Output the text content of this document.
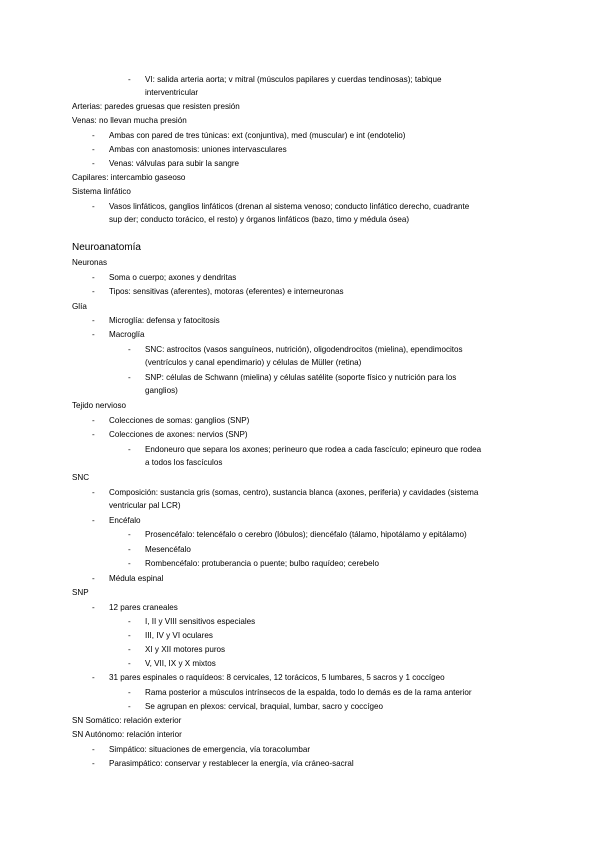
- VI: salida arteria aorta; v mitral (músculos papilares y cuerdas tendinosas); tabique
interventricular
Arterias: paredes gruesas que resisten presión
Venas: no llevan mucha presión
- Ambas con pared de tres túnicas: ext (conjuntiva), med (muscular) e int (endotelio)
- Ambas con anastomosis: uniones intervasculares
- Venas: válvulas para subir la sangre
Capilares: intercambio gaseoso
Sistema linfático
- Vasos linfáticos, ganglios linfáticos (drenan al sistema venoso; conducto linfático derecho, cuadrante
sup der; conducto torácico, el resto) y órganos linfáticos (bazo, timo y médula ósea)
Neuroanatomía
Neuronas
- Soma o cuerpo; axones y dendritas
- Tipos: sensitivas (aferentes), motoras (eferentes) e interneuronas
Glía
- Microglía: defensa y fatocitosis
- Macroglía
- SNC: astrocitos (vasos sanguíneos, nutrición), oligodendrocitos (mielina), ependimocitos
(ventrículos y canal ependimario) y células de Müller (retina)
- SNP: células de Schwann (mielina) y células satélite (soporte físico y nutrición para los
ganglios)
Tejido nervioso
- Colecciones de somas: ganglios (SNP)
- Colecciones de axones: nervios (SNP)
- Endoneuro que separa los axones; perineuro que rodea a cada fascículo; epineuro que rodea
a todos los fascículos
SNC
- Composición: sustancia gris (somas, centro), sustancia blanca (axones, periferia) y cavidades (sistema
ventricular pal LCR)
- Encéfalo
- Prosencéfalo: telencéfalo o cerebro (lóbulos); diencéfalo (tálamo, hipotálamo y epitálamo)
- Mesencéfalo
- Rombencéfalo: protuberancia o puente; bulbo raquídeo; cerebelo
- Médula espinal
SNP
- 12 pares craneales
- I, II y VIII sensitivos especiales
- III, IV y VI oculares
- XI y XII motores puros
- V, VII, IX y X mixtos
- 31 pares espinales o raquídeos: 8 cervicales, 12 torácicos, 5 lumbares, 5 sacros y 1 coccígeo
- Rama posterior a músculos intrínsecos de la espalda, todo lo demás es de la rama anterior
- Se agrupan en plexos: cervical, braquial, lumbar, sacro y coccígeo
SN Somático: relación exterior
SN Autónomo: relación interior
- Simpático: situaciones de emergencia, vía toracolumbar
- Parasimpático: conservar y restablecer la energía, vía cráneo-sacral
